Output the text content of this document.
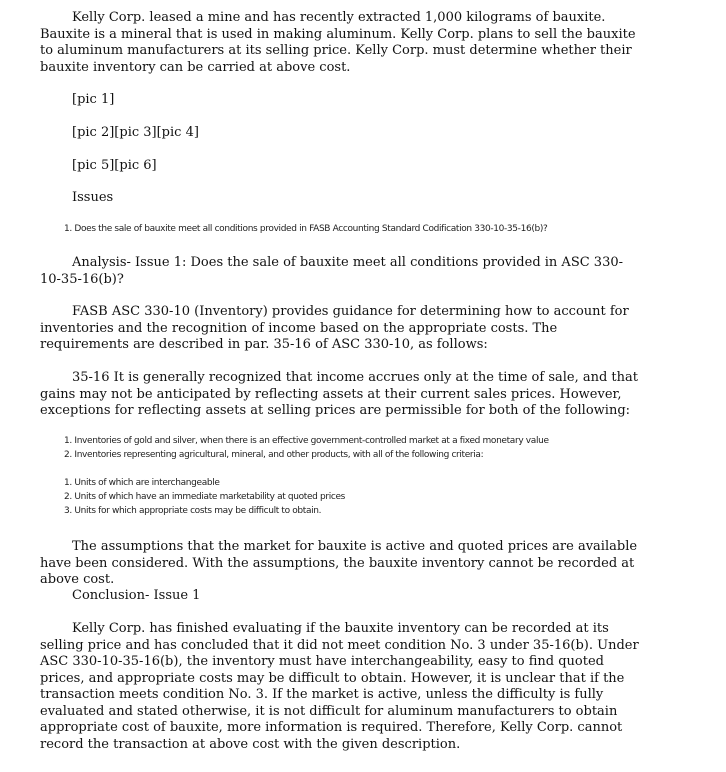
Kelly Corp. leased a mine and has recently extracted 1,000 kilograms of bauxite. Bauxite is a mineral that is used in making aluminum. Kelly Corp. plans to sell the bauxite to aluminum manufacturers at its selling price. Kelly Corp. must determine whether their bauxite inventory can be carried at above cost.

[pic 1]

[pic 2][pic 3][pic 4]

[pic 5][pic 6]

Issues

1. Does the sale of bauxite meet all conditions provided in FASB Accounting Standard Codification 330-10-35-16(b)?

Analysis- Issue 1: Does the sale of bauxite meet all conditions provided in ASC 330-10-35-16(b)?

FASB ASC 330-10 (Inventory) provides guidance for determining how to account for inventories and the recognition of income based on the appropriate costs. The requirements are described in par. 35-16 of ASC 330-10, as follows:

35-16 It is generally recognized that income accrues only at the time of sale, and that gains may not be anticipated by reflecting assets at their current sales prices. However, exceptions for reflecting assets at selling prices are permissible for both of the following:

1. Inventories of gold and silver, when there is an effective government-controlled market at a fixed monetary value
2. Inventories representing agricultural, mineral, and other products, with all of the following criteria:
1. Units of which are interchangeable
2. Units of which have an immediate marketability at quoted prices
3. Units for which appropriate costs may be difficult to obtain.

The assumptions that the market for bauxite is active and quoted prices are available have been considered. With the assumptions, the bauxite inventory cannot be recorded at above cost.

Conclusion- Issue 1

Kelly Corp. has finished evaluating if the bauxite inventory can be recorded at its selling price and has concluded that it did not meet condition No. 3 under 35-16(b). Under ASC 330-10-35-16(b), the inventory must have interchangeability, easy to find quoted prices, and appropriate costs may be difficult to obtain. However, it is unclear that if the transaction meets condition No. 3. If the market is active, unless the difficulty is fully evaluated and stated otherwise, it is not difficult for aluminum manufacturers to obtain appropriate cost of bauxite, more information is required. Therefore, Kelly Corp. cannot record the transaction at above cost with the given description.
